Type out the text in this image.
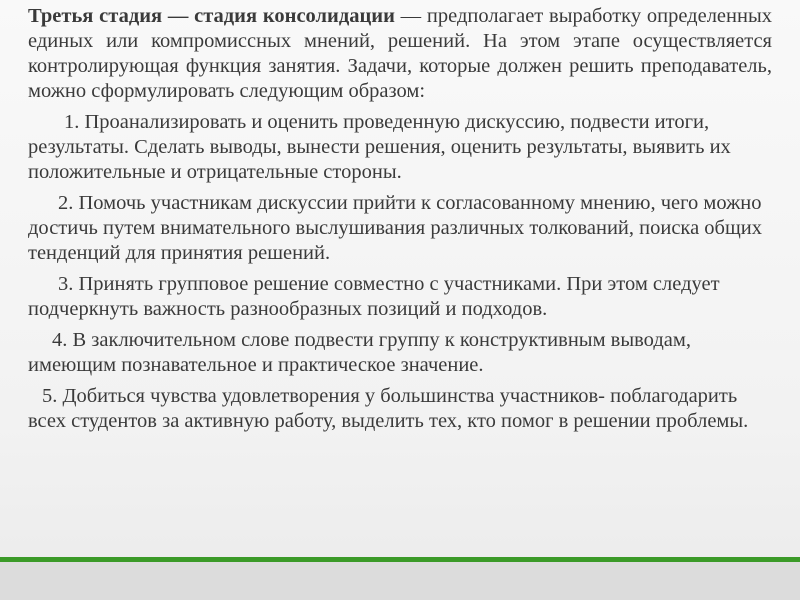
Третья стадия — стадия консолидации — предполагает выработку определенных единых или компромиссных мнений, решений. На этом этапе осуществляется контролирующая функция занятия. Задачи, которые должен решить преподаватель, можно сформулировать следующим образом:

1. Проанализировать и оценить проведенную дискуссию, подвести итоги, результаты. Сделать выводы, вынести решения, оценить результаты, выявить их положительные и отрицательные стороны.

2. Помочь участникам дискуссии прийти к согласованному мнению, чего можно достичь путем внимательного выслушивания различных толкований, поиска общих тенденций для принятия решений.

3. Принять групповое решение совместно с участниками. При этом следует подчеркнуть важность разнообразных позиций и подходов.

4. В заключительном слове подвести группу к конструктивным выводам, имеющим познавательное и практическое значение.

5. Добиться чувства удовлетворения у большинства участников- поблагодарить всех студентов за активную работу, выделить тех, кто помог в решении проблемы.
